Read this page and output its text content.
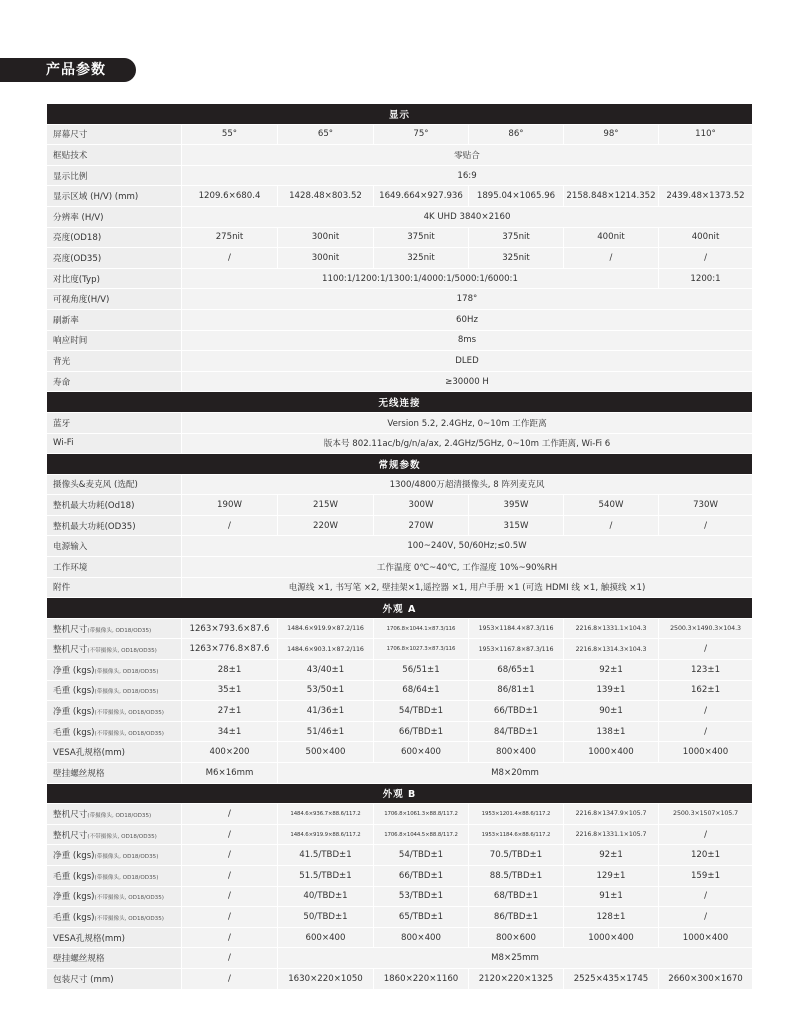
产品参数
显示						
屏幕尺寸	55°	65°	75°	86°	98°	110°
框贴技术	零贴合					
显示比例	16:9					
显示区域 (H/V) (mm)	1209.6×680.4	1428.48×803.52	1649.664×927.936	1895.04×1065.96	2158.848×1214.352	2439.48×1373.52
分辨率 (H/V)	4K UHD 3840×2160					
亮度(OD18)	275nit	300nit	375nit	375nit	400nit	400nit
亮度(OD35)	/	300nit	325nit	325nit	/	/
对比度(Typ)	1100:1/1200:1/1300:1/4000:1/5000:1/6000:1					1200:1
可视角度(H/V)	178°					
刷新率	60Hz					
响应时间	8ms					
背光	DLED					
寿命	≥30000 H					
无线连接						
蓝牙	Version 5.2, 2.4GHz, 0~10m 工作距离					
Wi-Fi	版本号 802.11ac/b/g/n/a/ax, 2.4GHz/5GHz, 0~10m 工作距离, Wi-Fi 6					
常规参数						
摄像头&麦克风 (选配)	1300/4800万超清摄像头, 8 阵列麦克风					
整机最大功耗(Od18)	190W	215W	300W	395W	540W	730W
整机最大功耗(OD35)	/	220W	270W	315W	/	/
电源输入	100~240V, 50/60Hz;≤0.5W					
工作环境	工作温度 0℃~40℃, 工作湿度 10%~90%RH					
附件	电源线 ×1, 书写笔 ×2, 壁挂架×1,遥控器 ×1, 用户手册 ×1 (可选 HDMI 线 ×1, 触摸线 ×1)					
外观 A						
整机尺寸(带摄像头, OD18/OD35)	1263×793.6×87.6	1484.6×919.9×87.2/116	1706.8×1044.1×87.3/116	1953×1184.4×87.3/116	2216.8×1331.1×104.3	2500.3×1490.3×104.3
整机尺寸(不带摄像头, OD18/OD35)	1263×776.8×87.6	1484.6×903.1×87.2/116	1706.8×1027.3×87.3/116	1953×1167.8×87.3/116	2216.8×1314.3×104.3	/
净重 (kgs)(带摄像头, OD18/OD35)	28±1	43/40±1	56/51±1	68/65±1	92±1	123±1
毛重 (kgs)(带摄像头, OD18/OD35)	35±1	53/50±1	68/64±1	86/81±1	139±1	162±1
净重 (kgs)(不带摄像头, OD18/OD35)	27±1	41/36±1	54/TBD±1	66/TBD±1	90±1	/
毛重 (kgs)(不带摄像头, OD18/OD35)	34±1	51/46±1	66/TBD±1	84/TBD±1	138±1	/
VESA孔规格(mm)	400×200	500×400	600×400	800×400	1000×400	1000×400
壁挂螺丝规格	M6×16mm	M8×20mm				
外观 B						
整机尺寸(带摄像头, OD18/OD35)	/	1484.6×936.7×88.6/117.2	1706.8×1061.3×88.8/117.2	1953×1201.4×88.6/117.2	2216.8×1347.9×105.7	2500.3×1507×105.7
整机尺寸(不带摄像头, OD18/OD35)	/	1484.6×919.9×88.6/117.2	1706.8×1044.5×88.8/117.2	1953×1184.6×88.6/117.2	2216.8×1331.1×105.7	/
净重 (kgs)(带摄像头, OD18/OD35)	/	41.5/TBD±1	54/TBD±1	70.5/TBD±1	92±1	120±1
毛重 (kgs)(带摄像头, OD18/OD35)	/	51.5/TBD±1	66/TBD±1	88.5/TBD±1	129±1	159±1
净重 (kgs)(不带摄像头, OD18/OD35)	/	40/TBD±1	53/TBD±1	68/TBD±1	91±1	/
毛重 (kgs)(不带摄像头, OD18/OD35)	/	50/TBD±1	65/TBD±1	86/TBD±1	128±1	/
VESA孔规格(mm)	/	600×400	800×400	800×600	1000×400	1000×400
壁挂螺丝规格	/	M8×25mm				
包装尺寸 (mm)	/	1630×220×1050	1860×220×1160	2120×220×1325	2525×435×1745	2660×300×1670
